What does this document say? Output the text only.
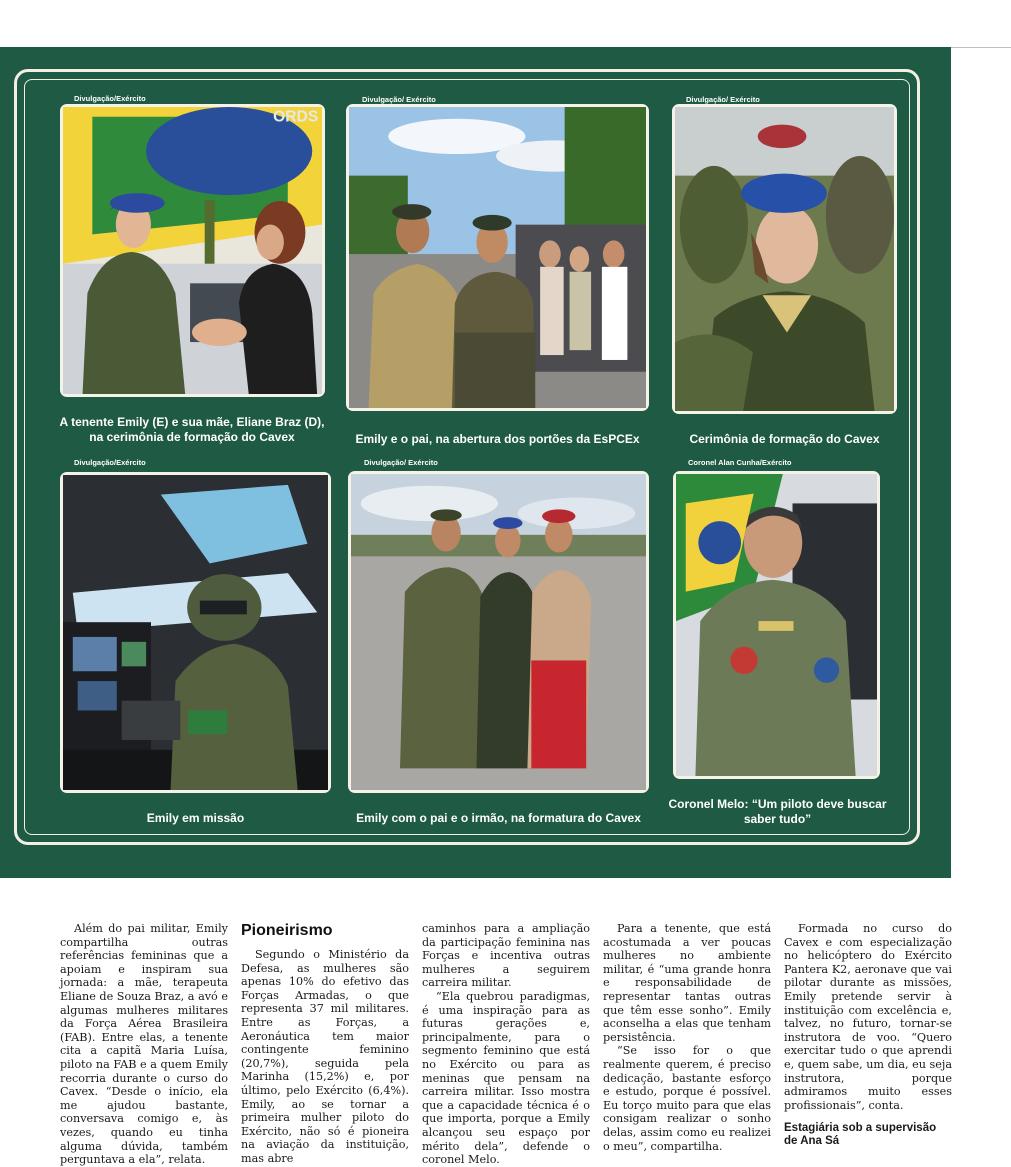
Divulgação/Exército
ORDS
A tenente Emily (E) e sua mãe, Eliane Braz (D), na cerimônia de formação do Cavex
Divulgação/ Exército
Emily e o pai, na abertura dos portões da EsPCEx
Divulgação/ Exército
Cerimônia de formação do Cavex
Divulgação/Exército
Emily em missão
Divulgação/ Exército
Emily com o pai e o irmão, na formatura do Cavex
Coronel Alan Cunha/Exército
Coronel Melo: “Um piloto deve buscar saber tudo”

Além do pai militar, Emily compartilha outras referências femininas que a apoiam e inspiram sua jornada: a mãe, terapeuta Eliane de Souza Braz, a avó e algumas mulheres militares da Força Aérea Brasileira (FAB). Entre elas, a tenente cita a capitã Maria Luísa, piloto na FAB e a quem Emily recorria durante o curso do Cavex. “Desde o início, ela me ajudou bastante, conversava comigo e, às vezes, quando eu tinha alguma dúvida, também perguntava a ela”, relata.

Pioneirismo

Segundo o Ministério da Defesa, as mulheres são apenas 10% do efetivo das Forças Armadas, o que representa 37 mil militares. Entre as Forças, a Aeronáutica tem maior contingente feminino (20,7%), seguida pela Marinha (15,2%) e, por último, pelo Exército (6,4%). Emily, ao se tornar a primeira mulher piloto do Exército, não só é pioneira na aviação da instituição, mas abre

caminhos para a ampliação da participação feminina nas Forças e incentiva outras mulheres a seguirem carreira militar.

“Ela quebrou paradigmas, é uma inspiração para as futuras gerações e, principalmente, para o segmento feminino que está no Exército ou para as meninas que pensam na carreira militar. Isso mostra que a capacidade técnica é o que importa, porque a Emily alcançou seu espaço por mérito dela”, defende o coronel Melo.

Para a tenente, que está acostumada a ver poucas mulheres no ambiente militar, é “uma grande honra e responsabilidade de representar tantas outras que têm esse sonho”. Emily aconselha a elas que tenham persistência.

“Se isso for o que realmente querem, é preciso dedicação, bastante esforço e estudo, porque é possível. Eu torço muito para que elas consigam realizar o sonho delas, assim como eu realizei o meu”, compartilha.

Formada no curso do Cavex e com especialização no helicóptero do Exército Pantera K2, aeronave que vai pilotar durante as missões, Emily pretende servir à instituição com excelência e, talvez, no futuro, tornar-se instrutora de voo. “Quero exercitar tudo o que aprendi e, quem sabe, um dia, eu seja instrutora, porque admiramos muito esses profissionais”, conta.

Estagiária sob a supervisão de Ana Sá
